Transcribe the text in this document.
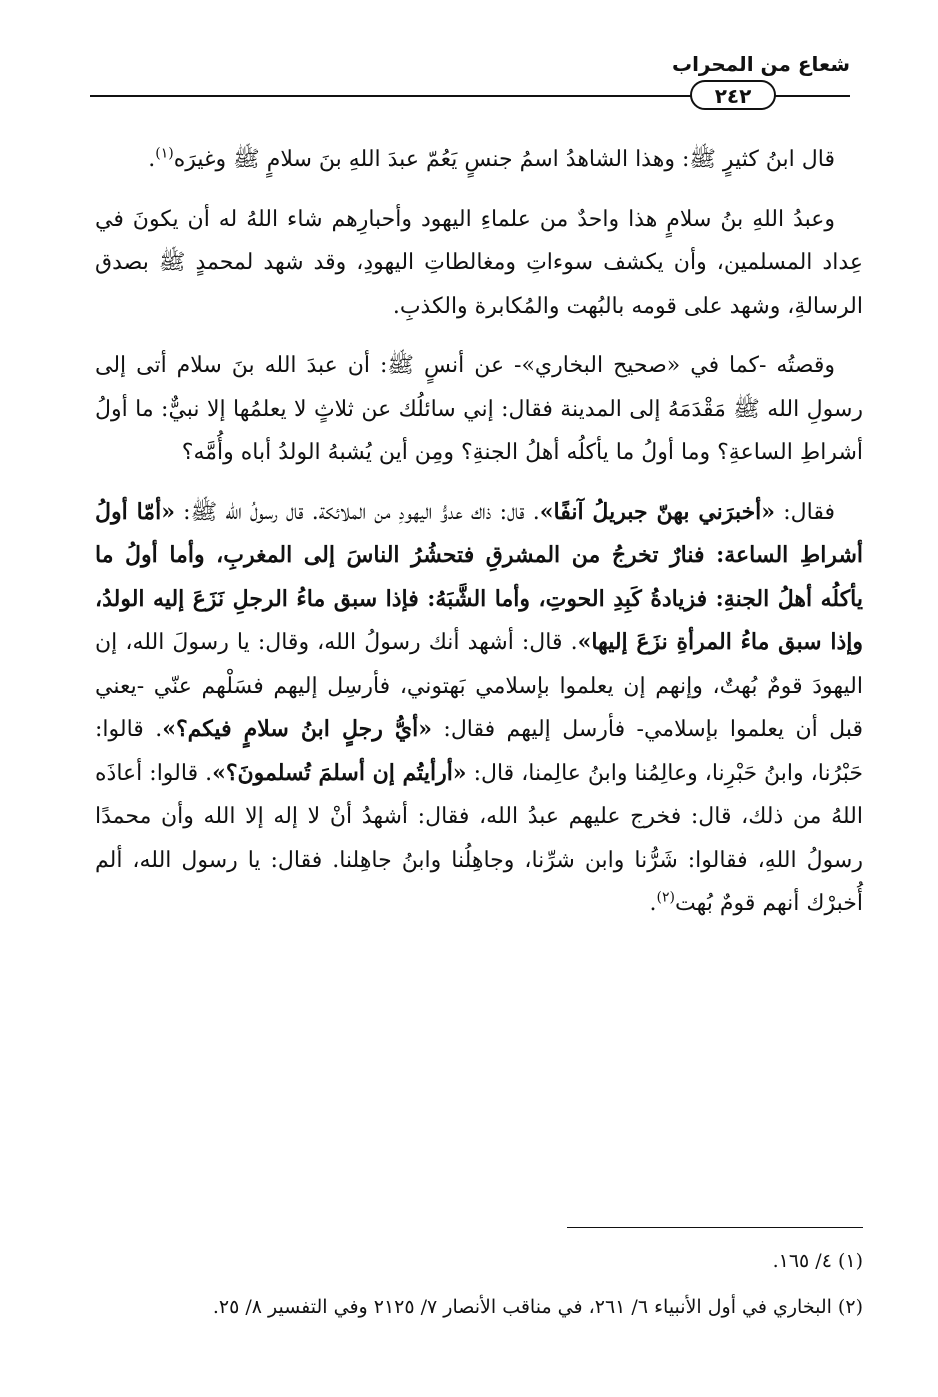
شعاع من المحراب
٢٤٢

قال ابنُ كثيرٍ ﷺ: وهذا الشاهدُ اسمُ جنسٍ يَعُمّ عبدَ اللهِ بنَ سلامٍ ﷺ وغيرَه$^{(١)}$.

وعبدُ اللهِ بنُ سلامٍ هذا واحدٌ من علماءِ اليهود وأحبارِهم شاء اللهُ له أن يكونَ في عِداد المسلمين، وأن يكشف سوءاتِ ومغالطاتِ اليهودِ، وقد شهد لمحمدٍ ﷺ بصدق الرسالةِ، وشهد على قومه بالبُهت والمُكابرة والكذبِ.

وقصتُه -كما في «صحيح البخاري»- عن أنسٍ ﷺ: أن عبدَ الله بنَ سلام أتى إلى رسولِ الله ﷺ مَقْدَمَهُ إلى المدينة فقال: إني سائلُك عن ثلاثٍ لا يعلمُها إلا نبيٌّ: ما أولُ أشراطِ الساعةِ؟ وما أولُ ما يأكلُه أهلُ الجنةِ؟ ومِن أين يُشبهُ الولدُ أباه وأُمَّه؟

فقال: «أخبرَني بهنّ جبريلُ آنفًا». قال: ذاك عدوُّ اليهودِ من الملائكة. قال رسولُ الله ﷺ: «أمّا أولُ أشراطِ الساعة: فنارٌ تخرجُ من المشرقِ فتحشُرُ الناسَ إلى المغربِ، وأما أولُ ما يأكلُه أهلُ الجنةِ: فزيادةُ كَبِدِ الحوتِ، وأما الشَّبَهُ: فإذا سبق ماءُ الرجلِ نَزَعَ إليه الولدُ، وإذا سبق ماءُ المرأةِ نزَعَ إليها». قال: أشهد أنك رسولُ الله، وقال: يا رسولَ الله، إن اليهودَ قومٌ بُهتٌ، وإنهم إن يعلموا بإسلامي بَهتوني، فأرسِل إليهم فسَلْهم عنّي -يعني قبل أن يعلموا بإسلامي- فأرسل إليهم فقال: «أيُّ رجلٍ ابنُ سلامٍ فيكم؟». قالوا: حَبْرُنا، وابنُ حَبْرِنا، وعالِمُنا وابنُ عالِمنا، قال: «أرأيتُم إن أسلمَ تُسلمونَ؟». قالوا: أعاذَه اللهُ من ذلك، قال: فخرج عليهم عبدُ الله، فقال: أشهدُ أنْ لا إله إلا الله وأن محمدًا رسولُ اللهِ، فقالوا: شَرُّنا وابن شرِّنا، وجاهِلُنا وابنُ جاهِلنا. فقال: يا رسول الله، ألم أُخبرْك أنهم قومٌ بُهت$^{(٢)}$.

(١) ٤/ ١٦٥.

(٢) البخاري في أول الأنبياء ٦/ ٢٦١، في مناقب الأنصار ٧/ ٢١٢٥ وفي التفسير ٨/ ٢٥.
